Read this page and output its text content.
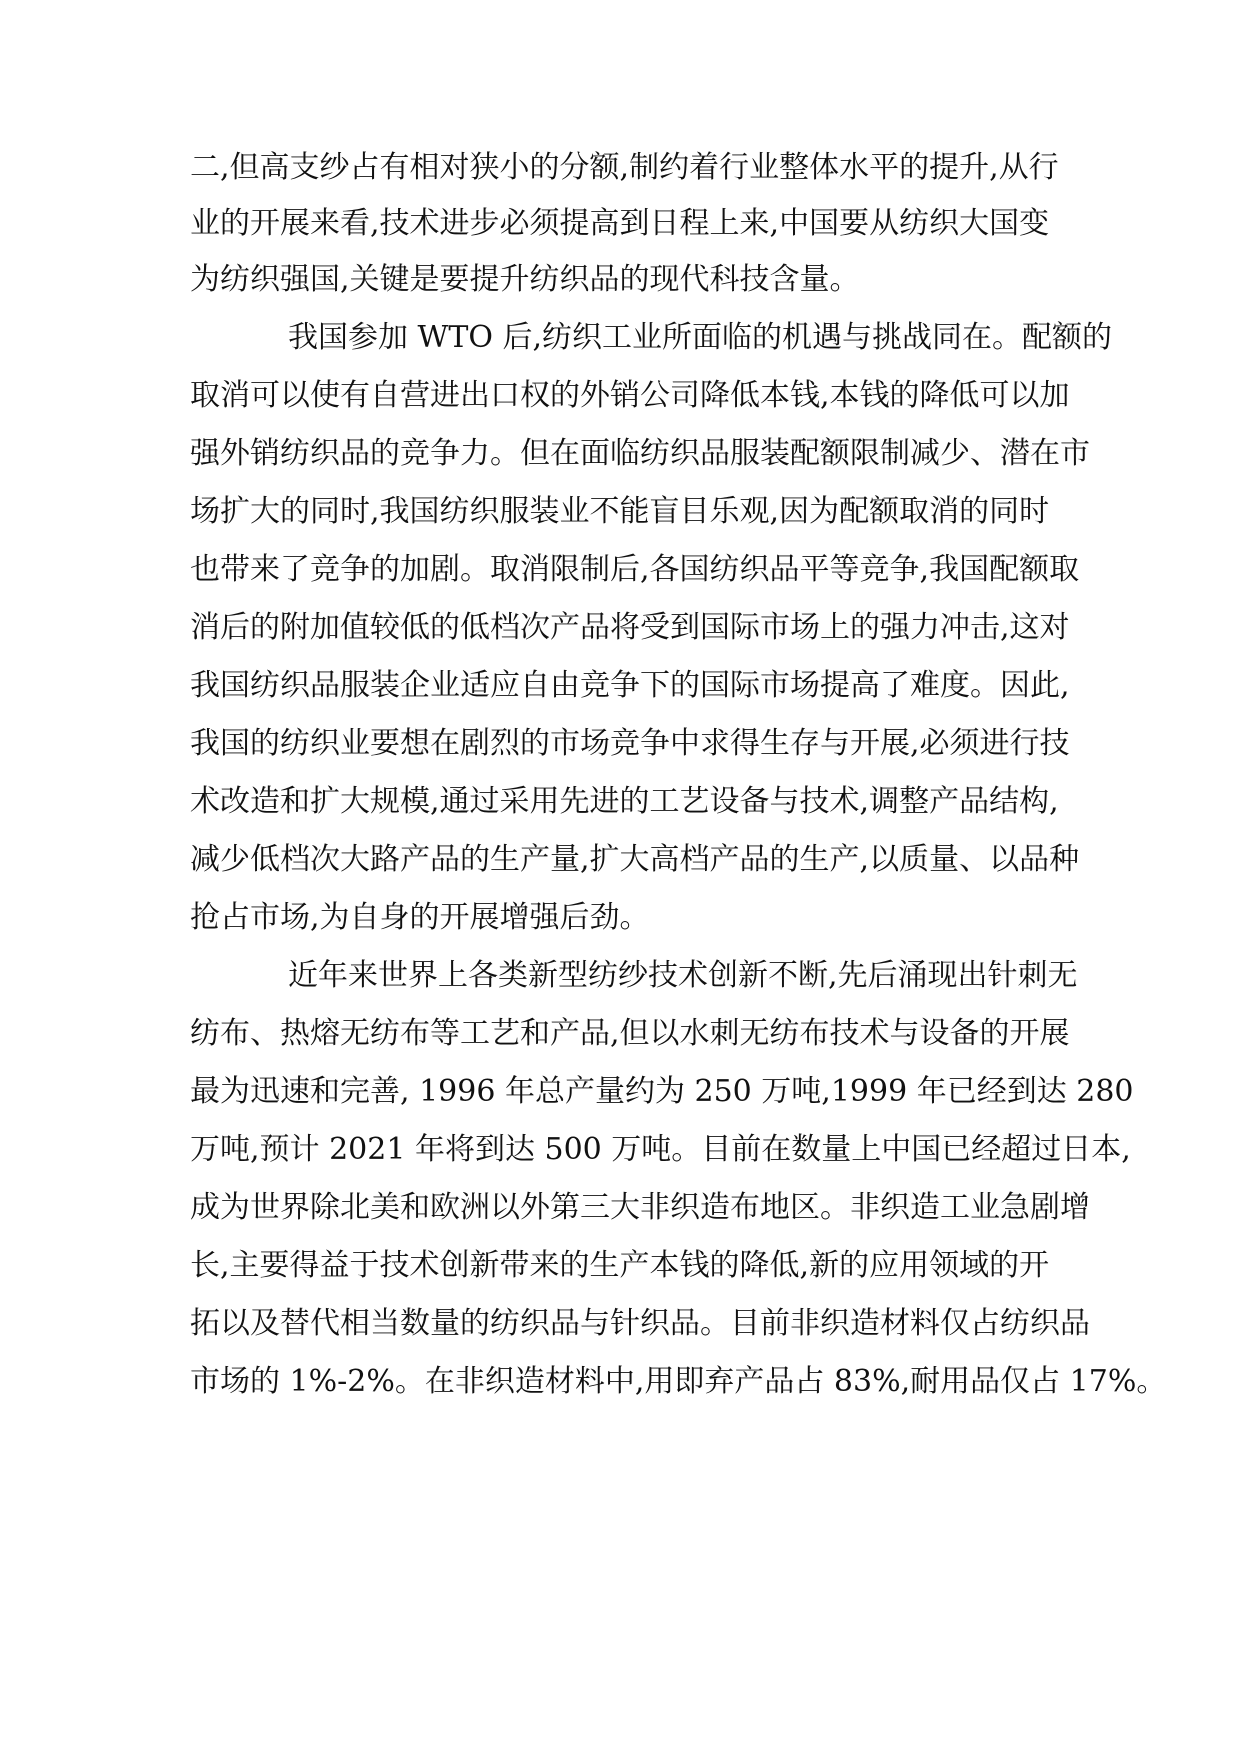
二,但高支纱占有相对狭小的分额,制约着行业整体水平的提升,从行
业的开展来看,技术进步必须提高到日程上来,中国要从纺织大国变
为纺织强国,关键是要提升纺织品的现代科技含量。
我国参加 WTO 后,纺织工业所面临的机遇与挑战同在。配额的
取消可以使有自营进出口权的外销公司降低本钱,本钱的降低可以加
强外销纺织品的竞争力。但在面临纺织品服装配额限制减少、潜在市
场扩大的同时,我国纺织服装业不能盲目乐观,因为配额取消的同时
也带来了竞争的加剧。取消限制后,各国纺织品平等竞争,我国配额取
消后的附加值较低的低档次产品将受到国际市场上的强力冲击,这对
我国纺织品服装企业适应自由竞争下的国际市场提高了难度。因此,
我国的纺织业要想在剧烈的市场竞争中求得生存与开展,必须进行技
术改造和扩大规模,通过采用先进的工艺设备与技术,调整产品结构,
减少低档次大路产品的生产量,扩大高档产品的生产,以质量、以品种
抢占市场,为自身的开展增强后劲。
近年来世界上各类新型纺纱技术创新不断,先后涌现出针刺无
纺布、热熔无纺布等工艺和产品,但以水刺无纺布技术与设备的开展
最为迅速和完善, 1996 年总产量约为 250 万吨,1999 年已经到达 280
万吨,预计 2021 年将到达 500 万吨。目前在数量上中国已经超过日本,
成为世界除北美和欧洲以外第三大非织造布地区。非织造工业急剧增
长,主要得益于技术创新带来的生产本钱的降低,新的应用领域的开
拓以及替代相当数量的纺织品与针织品。目前非织造材料仅占纺织品
市场的 1%-2%。在非织造材料中,用即弃产品占 83%,耐用品仅占 17%。
